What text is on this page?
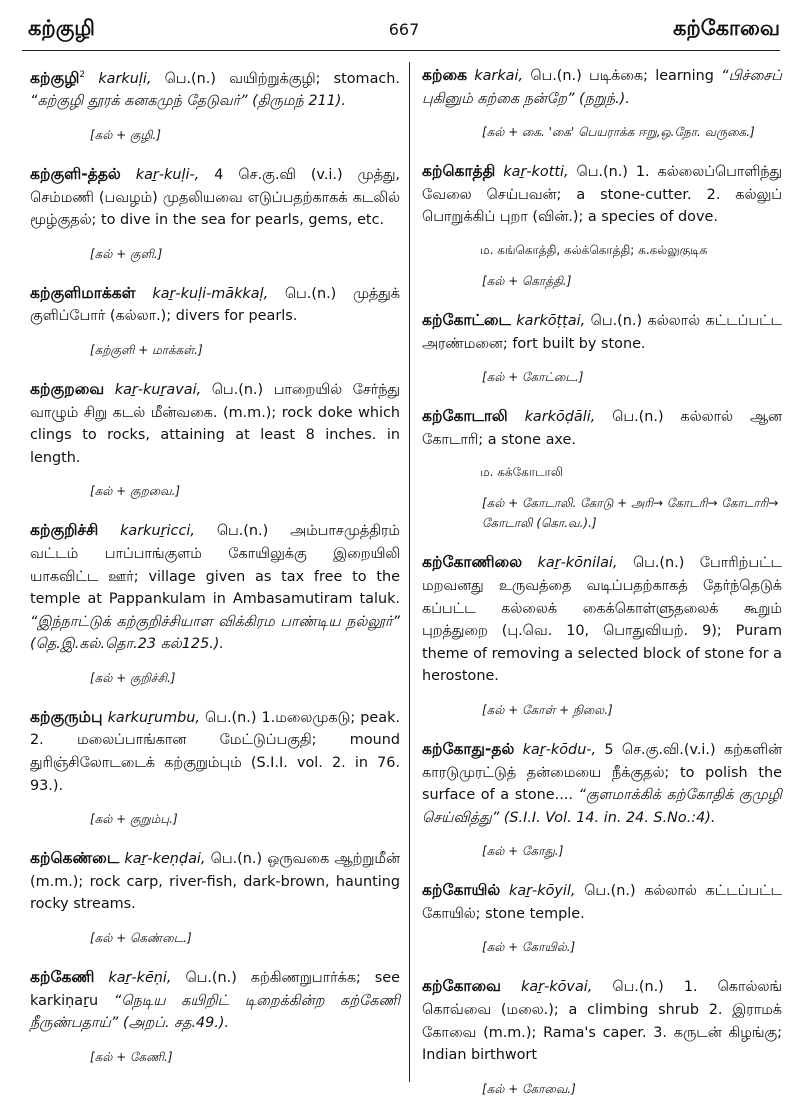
கற்குழி	667	கற்கோவை
கற்குழி$^2$ karkuḷi, பெ.(n.) வயிற்றுக்குழி; stomach. “கற்குழி தூரக் கனகமுந் தேடுவர்” (திருமந் 211).
[கல் + குழி.]
கற்குளி-த்தல் kaṟ-kuḷi-, 4 செ.கு.வி (v.i.) முத்து, செம்மணி (பவழம்) முதலியவை எடுப்பதற்காகக் கடலில் மூழ்குதல்; to dive in the sea for pearls, gems, etc.
[கல் + குளி.]
கற்குளிமாக்கள் kaṟ-kuḷi-mākkaḷ, பெ.(n.) முத்துக் குளிப்போர் (கல்லா.); divers for pearls.
[கற்குளி + மாக்கள்.]
கற்குறவை kaṟ-kuṟavai, பெ.(n.) பாறையில் சேர்ந்து வாழும் சிறு கடல் மீன்வகை. (m.m.); rock doke which clings to rocks, attaining at least 8 inches. in length.
[கல் + குறவை.]
கற்குறிச்சி karkuṟicci, பெ.(n.) அம்பாசமுத்திரம் வட்டம் பாப்பாங்குளம் கோயிலுக்கு இறையிலி யாகவிட்ட ஊர்; village given as tax free to the temple at Pappankulam in Ambasamutiram taluk. “இந்நாட்டுக் கற்குறிச்சியாள விக்கிரம பாண்டிய நல்லூர்” (தெ.இ.கல்.தொ.23 கல்125.).
[கல் + குறிச்சி.]
கற்குரும்பு karkuṟumbu, பெ.(n.) 1.மலைமுகடு; peak. 2. மலைப்பாங்கான மேட்டுப்பகுதி; mound துரிஞ்சிலோடடைக் கற்குறும்பும் (S.I.I. vol. 2. in 76. 93.).
[கல் + குறும்பு.]
கற்கெண்டை kaṟ-keṇḍai, பெ.(n.) ஒருவகை ஆற்றுமீன் (m.m.); rock carp, river-fish, dark-brown, haunting rocky streams.
[கல் + கெண்டை.]
கற்கேணி kaṟ-kēṇi, பெ.(n.) கற்கிணறுபார்க்க; see karkiṇaṟu “நெடிய கயிறிட் டிறைக்கின்ற கற்கேணி நீருண்பதாய்” (அறப். சத.49.).
[கல் + கேணி.]
கற்கை karkai, பெ.(n.) படிக்கை; learning “பிச்சைப் புகினும் கற்கை நன்றே” (நறுந்.).
[கல் + கை. 'கை' பெயராக்க ஈறு,ஒ.நோ. வருகை.]
கற்கொத்தி kaṟ-kotti, பெ.(n.) 1. கல்லைப்பொளிந்து வேலை செய்பவன்; a stone-cutter. 2. கல்லுப் பொறுக்கிப் புறா (வின்.); a species of dove.
ம. கங்கொத்தி, கல்க்கொத்தி; க.கல்லுகுடிக
[கல் + கொத்தி.]
கற்கோட்டை karkōṭṭai, பெ.(n.) கல்லால் கட்டப்பட்ட அரண்மனை; fort built by stone.
[கல் + கோட்டை.]
கற்கோடாலி karkōḍāli, பெ.(n.) கல்லால் ஆன கோடாரி; a stone axe.
ம. கக்கோடாலி
[கல் + கோடாலி. கோடு + அரி→ கோடரி→ கோடாரி→ கோடாலி (கொ.வ.).]
கற்கோணிலை kaṟ-kōnilai, பெ.(n.) போரிற்பட்ட மறவனது உருவத்தை வடிப்பதற்காகத் தேர்ந்தெடுக் கப்பட்ட கல்லைக் கைக்கொள்ளுதலைக் கூறும் புறத்துறை (பு.வெ. 10, பொதுவியற். 9); Puram theme of removing a selected block of stone for a herostone.
[கல் + கோள் + நிலை.]
கற்கோது-தல் kaṟ-kōdu-, 5 செ.கு.வி.(v.i.) கற்களின் காரடுமுரட்டுத் தன்மையை நீக்குதல்; to polish the surface of a stone.... “குளமாக்கிக் கற்கோதிக் குமுழி செய்வித்து” (S.I.I. Vol. 14. in. 24. S.No.:4).
[கல் + கோது.]
கற்கோயில் kaṟ-kōyil, பெ.(n.) கல்லால் கட்டப்பட்ட கோயில்; stone temple.
[கல் + கோயில்.]
கற்கோவை kaṟ-kōvai, பெ.(n.) 1. கொல்லங் கொவ்வை (மலை.); a climbing shrub 2. இராமக் கோவை (m.m.); Rama's caper. 3. கருடன் கிழங்கு; Indian birthwort
[கல் + கோவை.]
